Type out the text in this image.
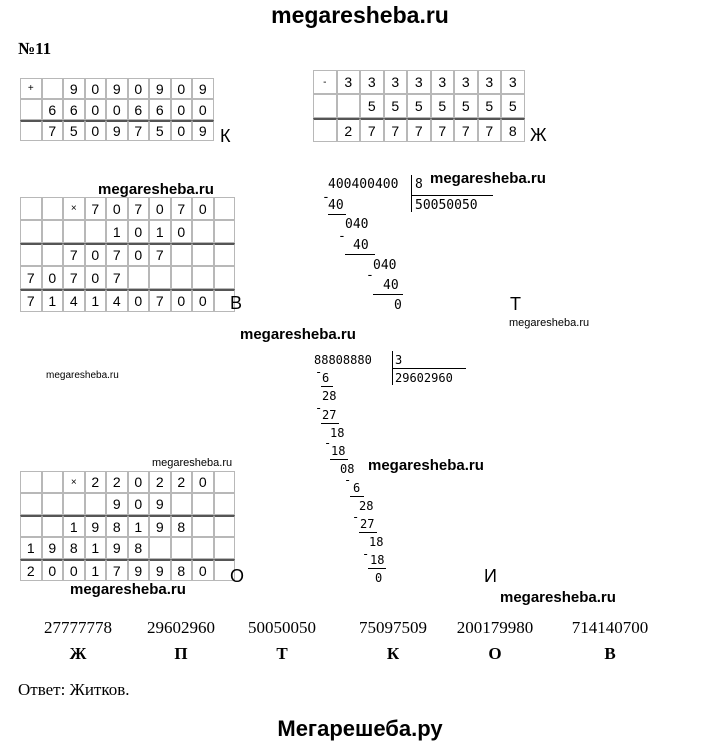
megaresheba.ru
№11
+	9 0 9 0 9 0 9
6 6 0 0 6 6 0 0
7 5 0 9 7 5 0 9 К
-	3	3	3	3	3	3	3	3
5	5	5	5	5	5	5
2	7	7	7	7	7	7	8 Ж
×	7 0 7 0 7 0
1 0 1 0
7 0 7 0 7
7 0 7 0 7
7 1 4 1 4 0 7 0 0	В
×	2 2 0 2 2 0
9 0 9
1 9 8 1 9 8
1 9 8 1 9 8
2 0 0 1 7 9 9 8 0	О
400400400 8
50050050
-
40
040
-
40
040
-
40
0	Т
88808880 3
29602960
- 6
28
- 27
18
-
18
08
-
6
28
- 27
18
- 18
0	И
megaresheba.ru
megaresheba.ru
megaresheba.ru
megaresheba.ru
megaresheba.ru
megaresheba.ru	megaresheba.ru
megaresheba.ru	megaresheba.ru
27777778
Ж
29602960
П
50050050
Т
75097509
К
200179980
О
714140700
В
Ответ: Житков.
Мегарешеба.ру
